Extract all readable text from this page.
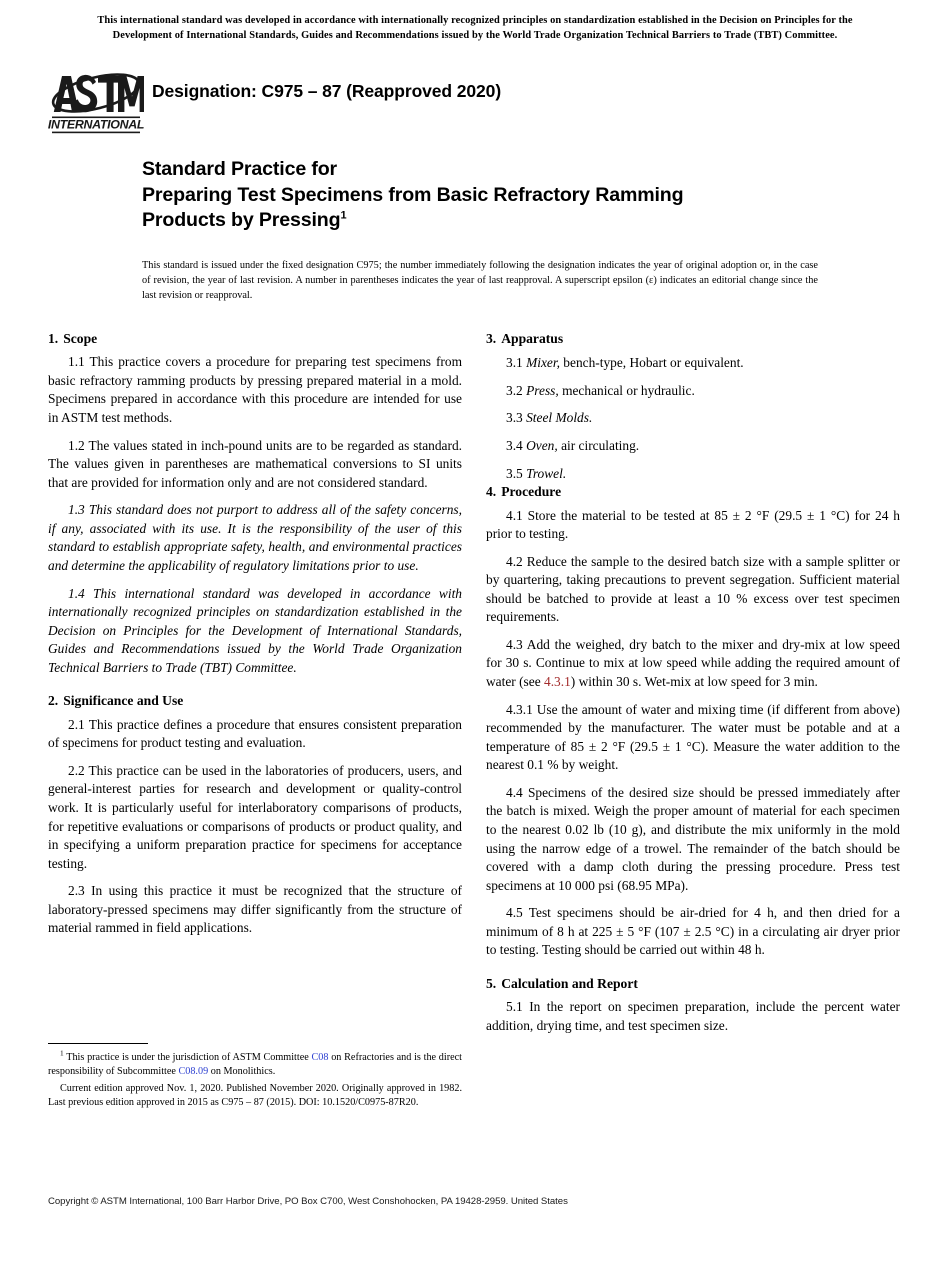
This international standard was developed in accordance with internationally recognized principles on standardization established in the Decision on Principles for the
Development of International Standards, Guides and Recommendations issued by the World Trade Organization Technical Barriers to Trade (TBT) Committee.
INTERNATIONAL
Designation: C975 – 87 (Reapproved 2020)
Standard Practice for
Preparing Test Specimens from Basic Refractory Ramming
Products by Pressing$^1$
This standard is issued under the fixed designation C975; the number immediately following the designation indicates the year of original adoption or, in the case of revision, the year of last revision. A number in parentheses indicates the year of last reapproval. A superscript epsilon (ε) indicates an editorial change since the last revision or reapproval.
1. Scope

1.1 This practice covers a procedure for preparing test specimens from basic refractory ramming products by pressing prepared material in a mold. Specimens prepared in accordance with this procedure are intended for use in ASTM test methods.

1.2 The values stated in inch-pound units are to be regarded as standard. The values given in parentheses are mathematical conversions to SI units that are provided for information only and are not considered standard.

1.3 This standard does not purport to address all of the safety concerns, if any, associated with its use. It is the responsibility of the user of this standard to establish appropriate safety, health, and environmental practices and determine the applicability of regulatory limitations prior to use.

1.4 This international standard was developed in accordance with internationally recognized principles on standardization established in the Decision on Principles for the Development of International Standards, Guides and Recommendations issued by the World Trade Organization Technical Barriers to Trade (TBT) Committee.

2. Significance and Use

2.1 This practice defines a procedure that ensures consistent preparation of specimens for product testing and evaluation.

2.2 This practice can be used in the laboratories of producers, users, and general-interest parties for research and development or quality-control work. It is particularly useful for interlaboratory comparisons of products, for repetitive evaluations or comparisons of products or product quality, and in specifying a uniform preparation practice for specimens for acceptance testing.

2.3 In using this practice it must be recognized that the structure of laboratory-pressed specimens may differ significantly from the structure of material rammed in field applications.

3. Apparatus

3.1 Mixer, bench-type, Hobart or equivalent.

3.2 Press, mechanical or hydraulic.

3.3 Steel Molds.

3.4 Oven, air circulating.

3.5 Trowel.

4. Procedure

4.1 Store the material to be tested at 85 ± 2 °F (29.5 ± 1 °C) for 24 h prior to testing.

4.2 Reduce the sample to the desired batch size with a sample splitter or by quartering, taking precautions to prevent segregation. Sufficient material should be batched to provide at least a 10 % excess over test specimen requirements.

4.3 Add the weighed, dry batch to the mixer and dry-mix at low speed for 30 s. Continue to mix at low speed while adding the required amount of water (see 4.3.1) within 30 s. Wet-mix at low speed for 3 min.

4.3.1 Use the amount of water and mixing time (if different from above) recommended by the manufacturer. The water must be potable and at a temperature of 85 ± 2 °F (29.5 ± 1 °C). Measure the water addition to the nearest 0.1 % by weight.

4.4 Specimens of the desired size should be pressed immediately after the batch is mixed. Weigh the proper amount of material for each specimen to the nearest 0.02 lb (10 g), and distribute the mix uniformly in the mold using the narrow edge of a trowel. The remainder of the batch should be covered with a damp cloth during the pressing procedure. Press test specimens at 10 000 psi (68.95 MPa).

4.5 Test specimens should be air-dried for 4 h, and then dried for a minimum of 8 h at 225 ± 5 °F (107 ± 2.5 °C) in a circulating air dryer prior to testing. Testing should be carried out within 48 h.

5. Calculation and Report

5.1 In the report on specimen preparation, include the percent water addition, drying time, and test specimen size.

$^1$ This practice is under the jurisdiction of ASTM Committee C08 on Refractories and is the direct responsibility of Subcommittee C08.09 on Monolithics.

Current edition approved Nov. 1, 2020. Published November 2020. Originally approved in 1982. Last previous edition approved in 2015 as C975 – 87 (2015). DOI: 10.1520/C0975-87R20.

Copyright © ASTM International, 100 Barr Harbor Drive, PO Box C700, West Conshohocken, PA 19428-2959. United States
